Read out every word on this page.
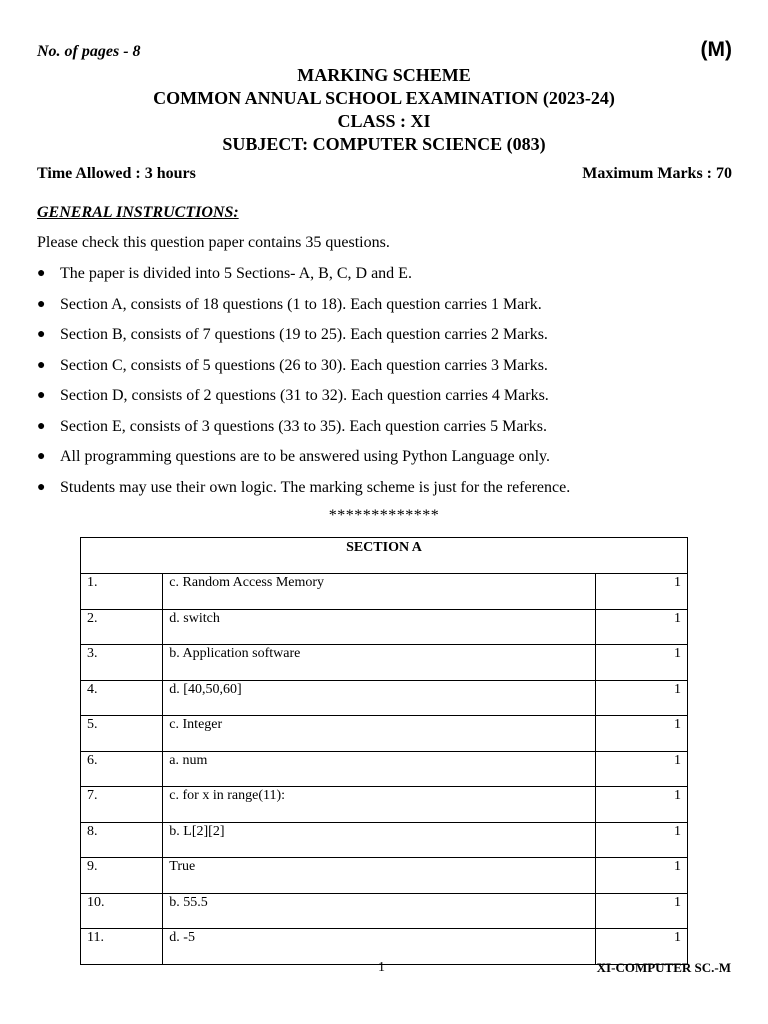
No. of pages - 8	(M)
MARKING SCHEME
COMMON ANNUAL SCHOOL EXAMINATION (2023-24)
CLASS : XI
SUBJECT: COMPUTER SCIENCE (083)
Time Allowed : 3 hours	Maximum Marks : 70
GENERAL INSTRUCTIONS:
Please check this question paper contains 35 questions.
● The paper is divided into 5 Sections- A, B, C, D and E.
● Section A, consists of 18 questions (1 to 18). Each question carries 1 Mark.
● Section B, consists of 7 questions (19 to 25). Each question carries 2 Marks.
● Section C, consists of 5 questions (26 to 30). Each question carries 3 Marks.
● Section D, consists of 2 questions (31 to 32). Each question carries 4 Marks.
● Section E, consists of 3 questions (33 to 35). Each question carries 5 Marks.
● All programming questions are to be answered using Python Language only.
● Students may use their own logic. The marking scheme is just for the reference.
*************
SECTION A		
1.	c. Random Access Memory	1
2.	d. switch	1
3.	b. Application software	1
4.	d. [40,50,60]	1
5.	c. Integer	1
6.	a. num	1
7.	c. for x in range(11):	1
8.	b. L[2][2]	1
9.	True	1
10.	b. 55.5	1
11.	d. -5	1
1	XI-COMPUTER SC.-M
